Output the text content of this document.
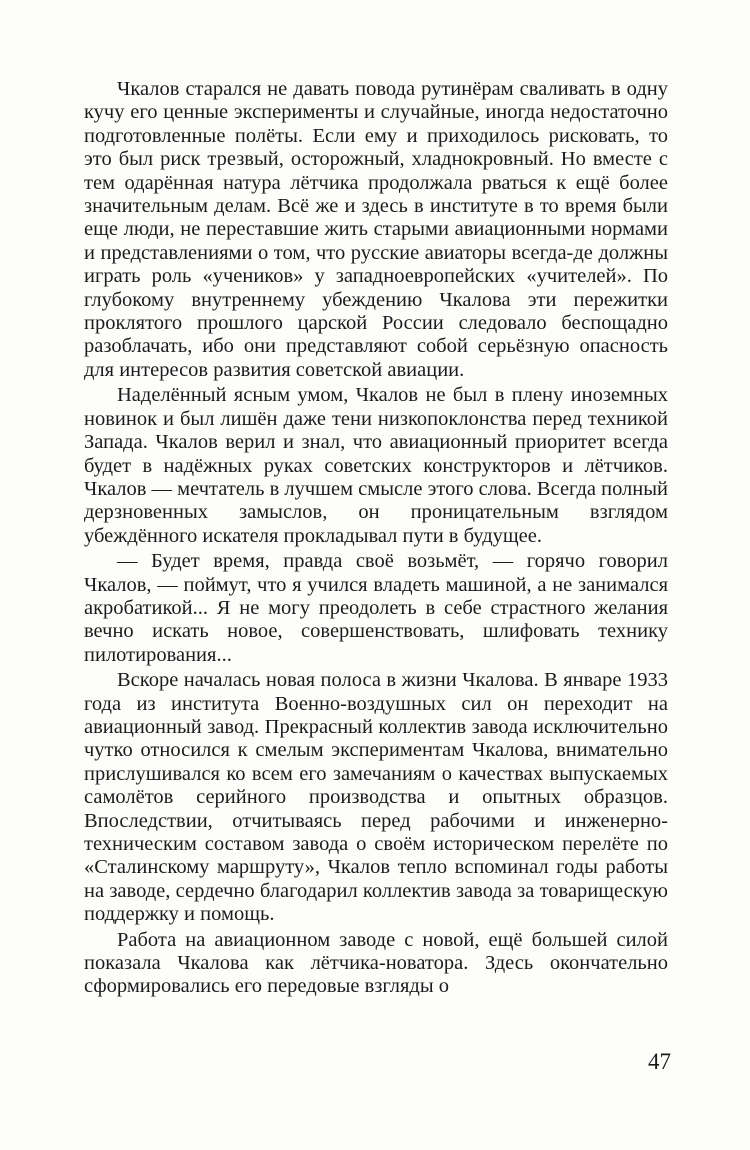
Чкалов старался не давать повода рутинёрам сваливать в одну кучу его ценные эксперименты и случайные, иногда недостаточно подготовленные полёты. Если ему и приходилось рисковать, то это был риск трезвый, осторожный, хладнокровный. Но вместе с тем одарённая натура лётчика продолжала рваться к ещё более значительным делам. Всё же и здесь в институте в то время были еще люди, не переставшие жить старыми авиационными нормами и представлениями о том, что русские авиаторы всегда-де должны играть роль «учеников» у западноевропейских «учителей». По глубокому внутреннему убеждению Чкалова эти пережитки проклятого прошлого царской России следовало беспощадно разоблачать, ибо они представляют собой серьёзную опасность для интересов развития советской авиации.

Наделённый ясным умом, Чкалов не был в плену иноземных новинок и был лишён даже тени низкопоклонства перед техникой Запада. Чкалов верил и знал, что авиационный приоритет всегда будет в надёжных руках советских конструкторов и лётчиков. Чкалов — мечтатель в лучшем смысле этого слова. Всегда полный дерзновенных замыслов, он проницательным взглядом убеждённого искателя прокладывал пути в будущее.

— Будет время, правда своё возьмёт, — горячо говорил Чкалов, — поймут, что я учился владеть машиной, а не занимался акробатикой... Я не могу преодолеть в себе страстного желания вечно искать новое, совершенствовать, шлифовать технику пилотирования...

Вскоре началась новая полоса в жизни Чкалова. В январе 1933 года из института Военно-воздушных сил он переходит на авиационный завод. Прекрасный коллектив завода исключительно чутко относился к смелым экспериментам Чкалова, внимательно прислушивался ко всем его замечаниям о качествах выпускаемых самолётов серийного производства и опытных образцов. Впоследствии, отчитываясь перед рабочими и инженерно-техническим составом завода о своём историческом перелёте по «Сталинскому маршруту», Чкалов тепло вспоминал годы работы на заводе, сердечно благодарил коллектив завода за товарищескую поддержку и помощь.

Работа на авиационном заводе с новой, ещё большей силой показала Чкалова как лётчика-новатора. Здесь окончательно сформировались его передовые взгляды о

47
